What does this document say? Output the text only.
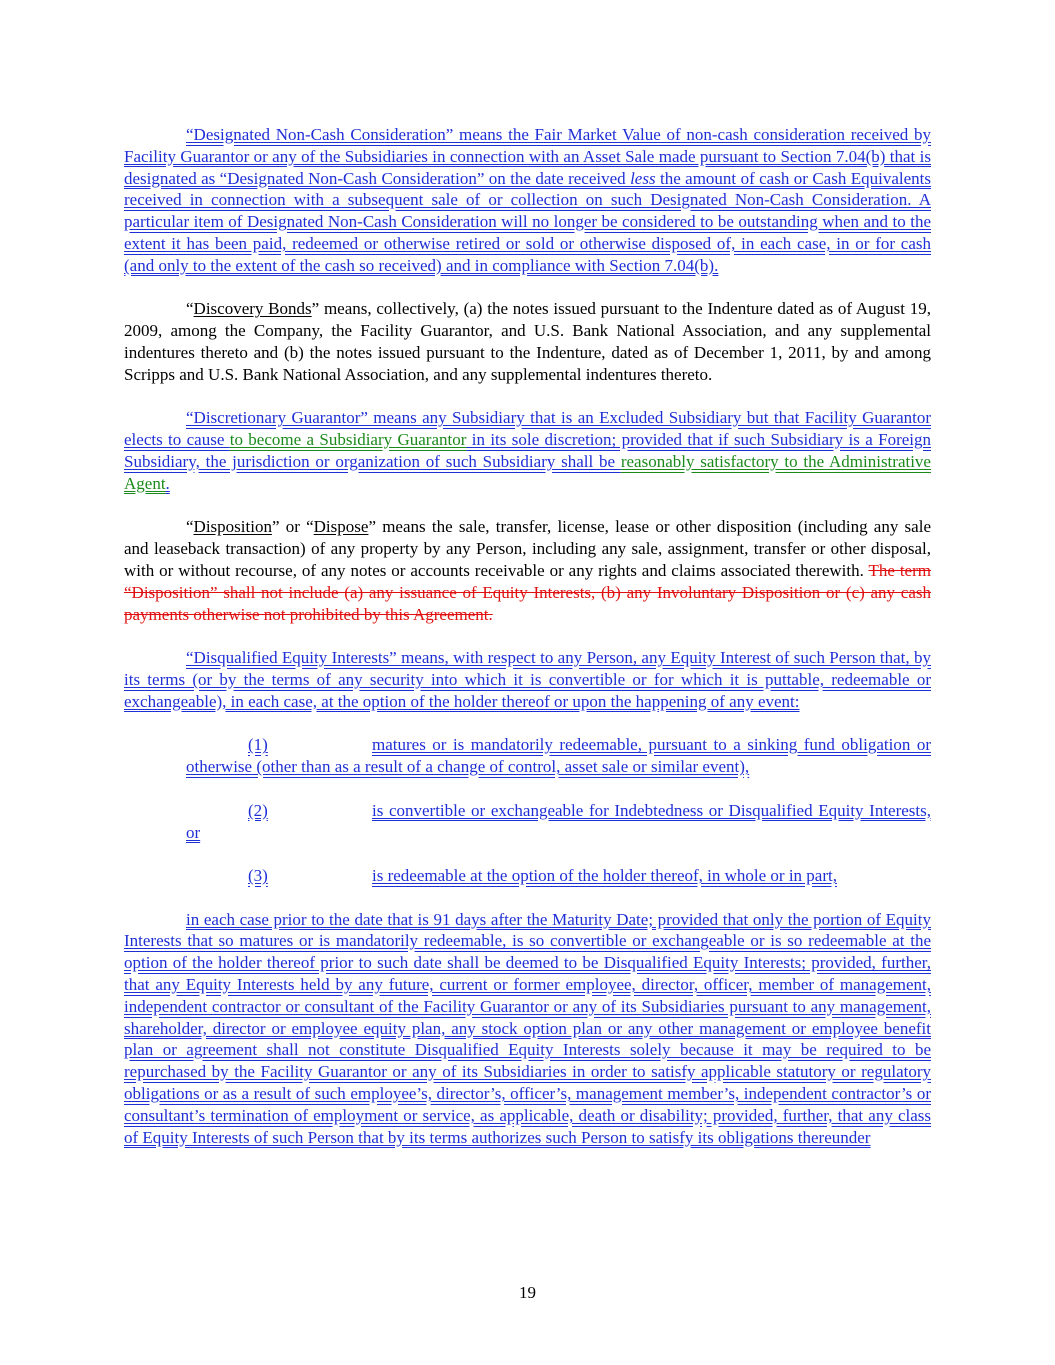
“Designated Non-Cash Consideration” means the Fair Market Value of non-cash consideration received by Facility Guarantor or any of the Subsidiaries in connection with an Asset Sale made pursuant to Section 7.04(b) that is designated as “Designated Non-Cash Consideration” on the date received less the amount of cash or Cash Equivalents received in connection with a subsequent sale of or collection on such Designated Non-Cash Consideration. A particular item of Designated Non-Cash Consideration will no longer be considered to be outstanding when and to the extent it has been paid, redeemed or otherwise retired or sold or otherwise disposed of, in each case, in or for cash (and only to the extent of the cash so received) and in compliance with Section 7.04(b).

“Discovery Bonds” means, collectively, (a) the notes issued pursuant to the Indenture dated as of August 19, 2009, among the Company, the Facility Guarantor, and U.S. Bank National Association, and any supplemental indentures thereto and (b) the notes issued pursuant to the Indenture, dated as of December 1, 2011, by and among Scripps and U.S. Bank National Association, and any supplemental indentures thereto.

“Discretionary Guarantor” means any Subsidiary that is an Excluded Subsidiary but that Facility Guarantor elects to cause to become a Subsidiary Guarantor in its sole discretion; provided that if such Subsidiary is a Foreign Subsidiary, the jurisdiction or organization of such Subsidiary shall be reasonably satisfactory to the Administrative Agent.

“Disposition” or “Dispose” means the sale, transfer, license, lease or other disposition (including any sale and leaseback transaction) of any property by any Person, including any sale, assignment, transfer or other disposal, with or without recourse, of any notes or accounts receivable or any rights and claims associated therewith. The term “Disposition” shall not include (a) any issuance of Equity Interests, (b) any Involuntary Disposition or (c) any cash payments otherwise not prohibited by this Agreement.

“Disqualified Equity Interests” means, with respect to any Person, any Equity Interest of such Person that, by its terms (or by the terms of any security into which it is convertible or for which it is puttable, redeemable or exchangeable), in each case, at the option of the holder thereof or upon the happening of any event:

(1)	matures or is mandatorily redeemable, pursuant to a sinking fund obligation or otherwise (other than as a result of a change of control, asset sale or similar event),

(2)	is convertible or exchangeable for Indebtedness or Disqualified Equity Interests, or

(3)	is redeemable at the option of the holder thereof, in whole or in part,

in each case prior to the date that is 91 days after the Maturity Date; provided that only the portion of Equity Interests that so matures or is mandatorily redeemable, is so convertible or exchangeable or is so redeemable at the option of the holder thereof prior to such date shall be deemed to be Disqualified Equity Interests; provided, further, that any Equity Interests held by any future, current or former employee, director, officer, member of management, independent contractor or consultant of the Facility Guarantor or any of its Subsidiaries pursuant to any management, shareholder, director or employee equity plan, any stock option plan or any other management or employee benefit plan or agreement shall not constitute Disqualified Equity Interests solely because it may be required to be repurchased by the Facility Guarantor or any of its Subsidiaries in order to satisfy applicable statutory or regulatory obligations or as a result of such employee’s, director’s, officer’s, management member’s, independent contractor’s or consultant’s termination of employment or service, as applicable, death or disability; provided, further, that any class of Equity Interests of such Person that by its terms authorizes such Person to satisfy its obligations thereunder

19
